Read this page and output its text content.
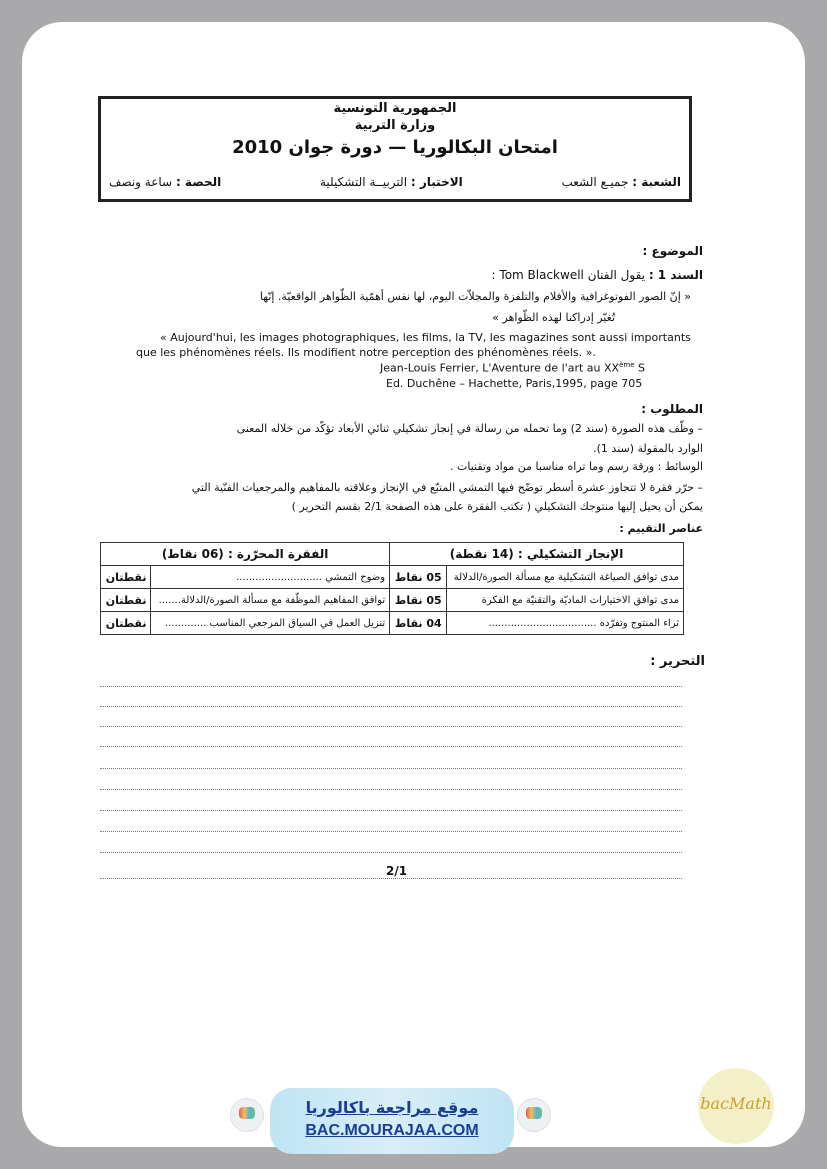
الجمهورية التونسية
وزارة التربية
امتحان البكالوريا — دورة جوان 2010
الشعبة : جميـع الشعب
الاختبار : التربيــة التشكيلية
الحصة : ساعة ونصف
الموضوع :
السند 1 : يقول الفنان Tom Blackwell :
« إنّ الصور الفوتوغرافية والأفلام والتلفزة والمجلاّت اليوم، لها نفس أهمّية الظّواهر الواقعيّة. إنّها
تُغيّر إدراكنا لهذه الظّواهر »
« Aujourd'hui, les images photographiques, les films, la TV, les magazines sont aussi importants
que les phénomènes réels. Ils modifient notre perception des phénomènes réels. ».
Jean-Louis Ferrier, L'Aventure de l'art au XXème S
Ed. Duchêne – Hachette, Paris,1995, page 705
المطلوب :
– وظّف هذه الصورة (سند 2) وما تحمله من رسالة في إنجاز تشكيلي ثنائي الأبعاد تؤكّد من خلاله المعنى
الوارد بالمقولة (سند 1).
الوسائط : ورقة رسم وما تراه مناسبا من مواد وتقنيات .
– حرّر فقرة لا تتجاوز عشرة أسطر توضّح فيها التمشي المتبّع في الإنجاز وعلاقته بالمفاهيم والمرجعيات الفنّية التي
يمكن أن يحيل إليها منتوجك التشكيلي ( تكتب الفقرة على هذه الصفحة 2/1 بقسم التحرير )
عناصر التقييم :
الإنجاز التشكيلي : (14 نقطة)		الفقرة المحرّرة : (06 نقاط)	
مدى توافق الصياغة التشكيلية مع مسألة الصورة/الدلالة	05 نقاط	وضوح التمشي ...........................	نقطتان
مدى توافق الاختيارات الماديّة والتقنيّة مع الفكرة	05 نقاط	توافق المفاهيم الموظّفة مع مسألة الصورة/الدلالة.......	نقطتان
ثراء المنتوج وتفرّده ..................................	04 نقاط	تنزيل العمل في السياق المرجعي المناسب .............	نقطتان
التحرير :
2/1
موقع مراجعة باكالوريا
BAC.MOURAJAA.COM
bacMath
